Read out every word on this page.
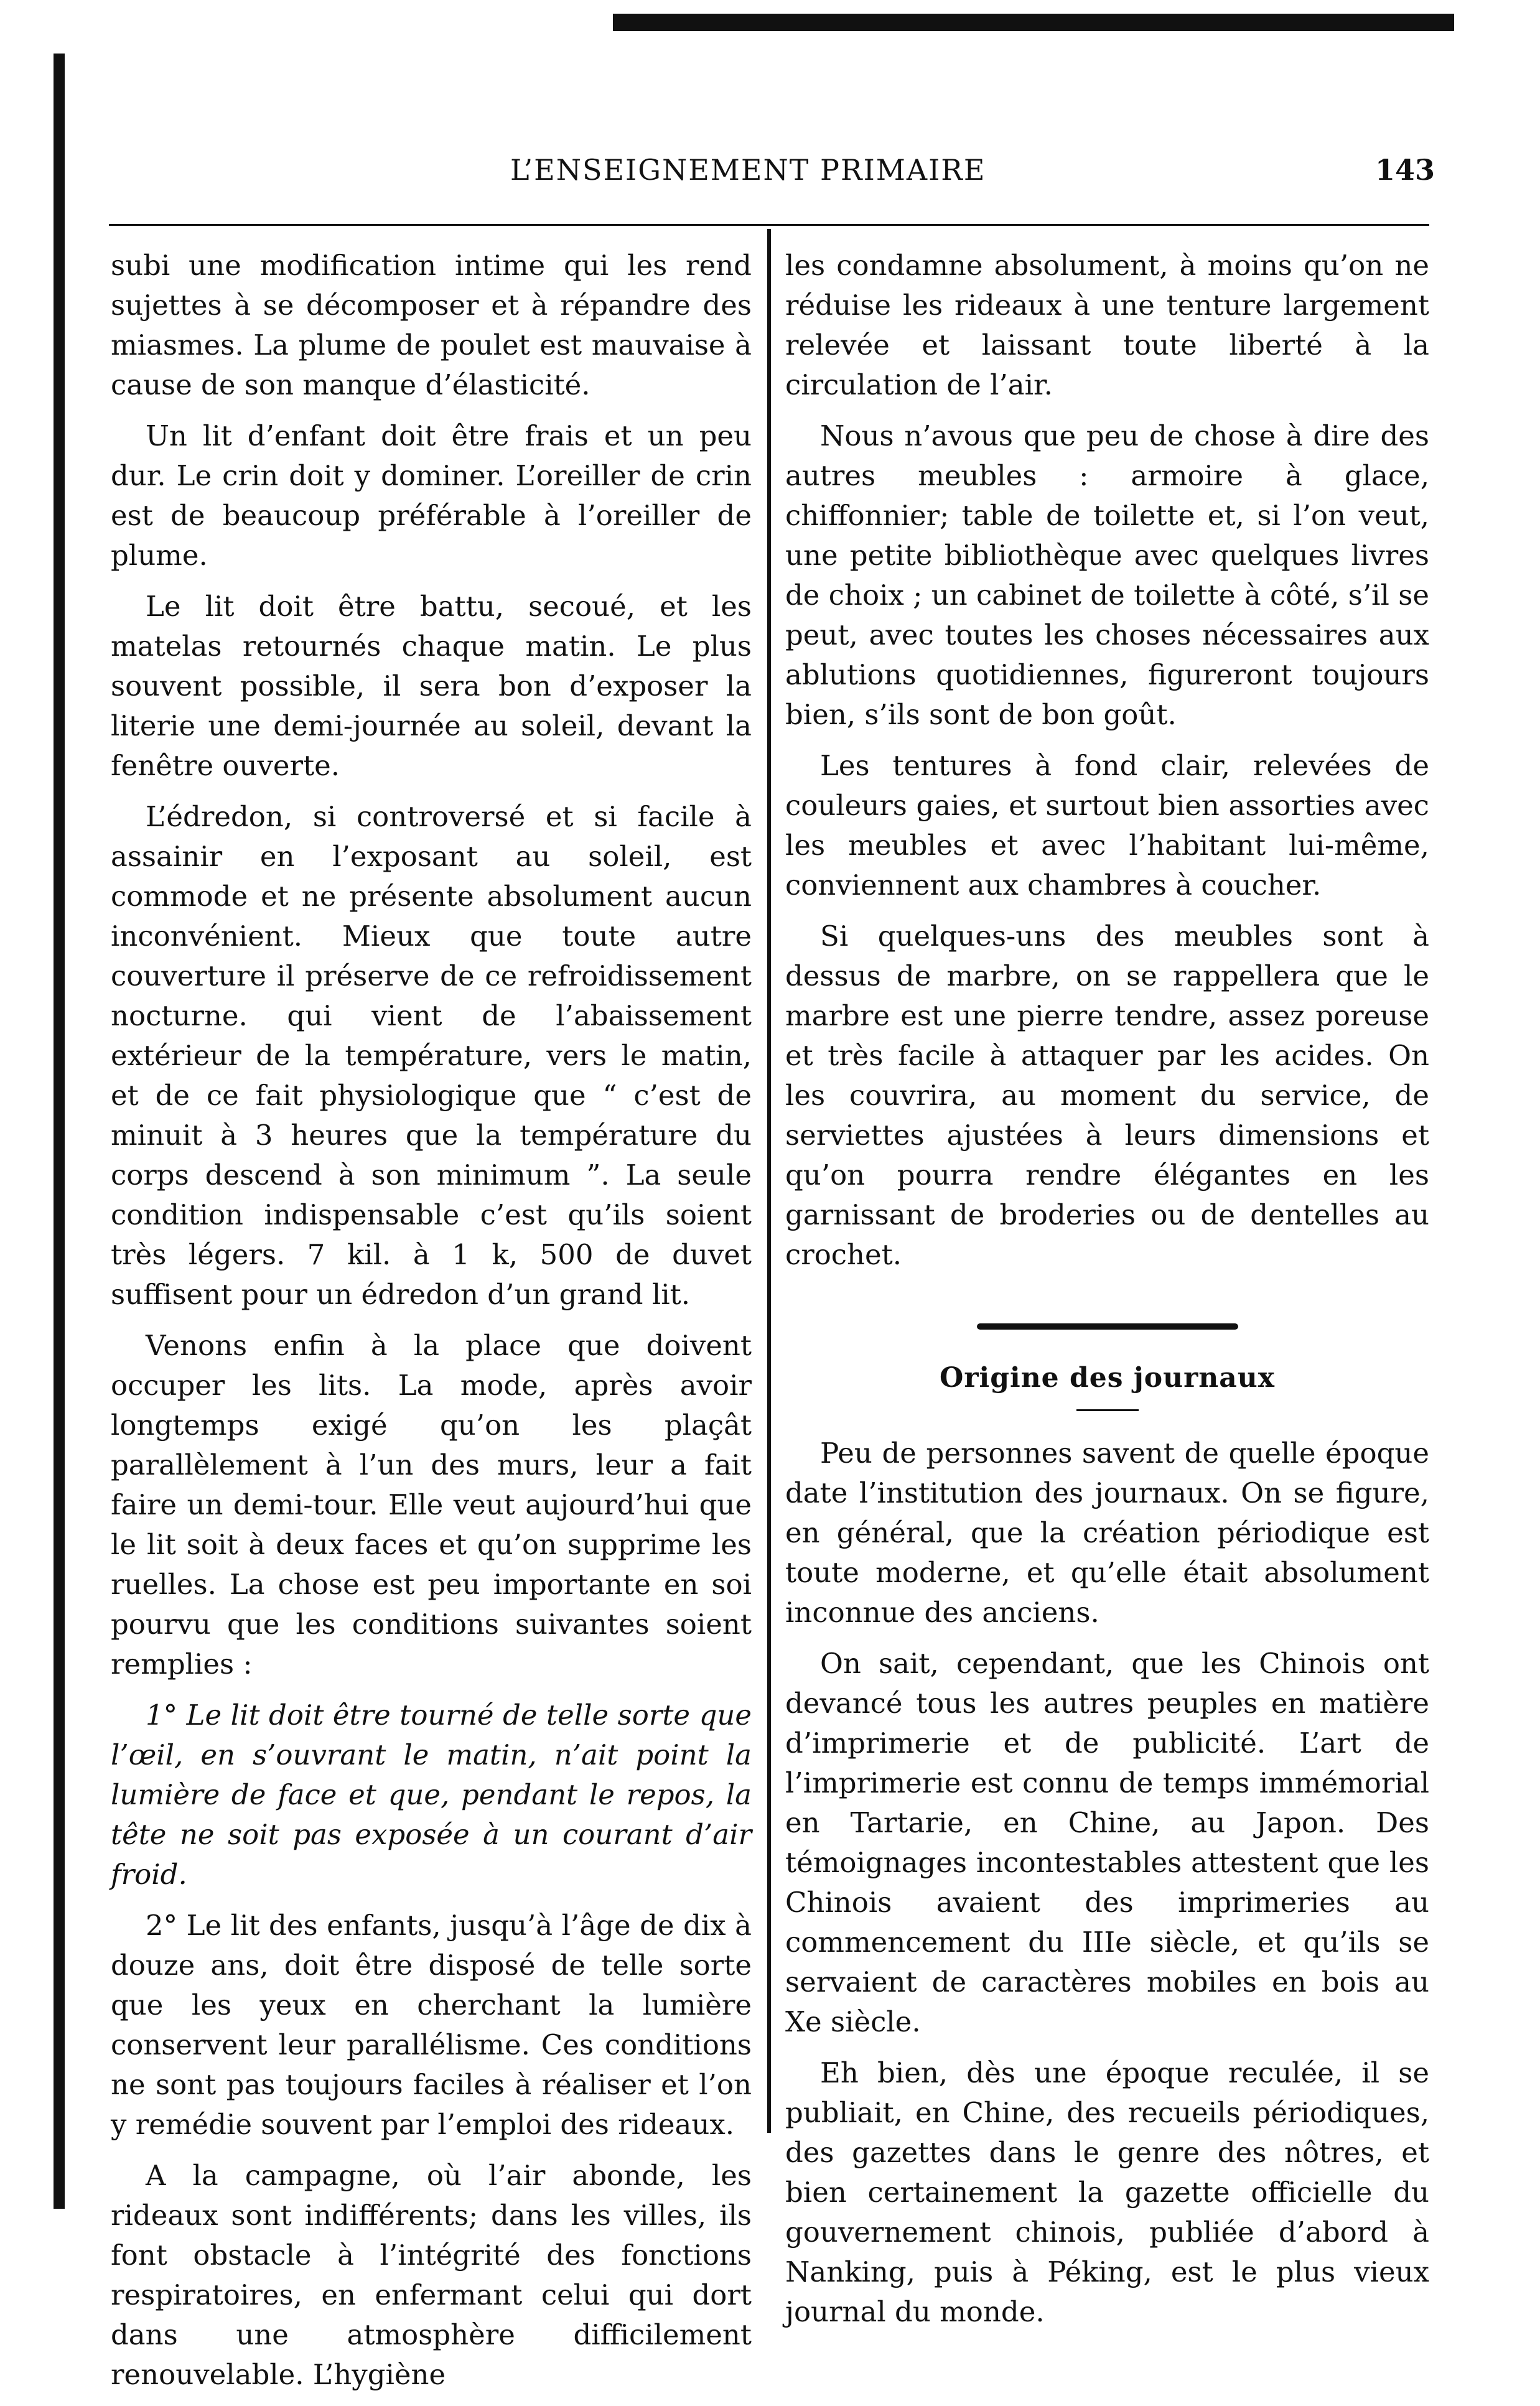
L’ENSEIGNEMENT PRIMAIRE	143

subi une modification intime qui les rend sujettes à se décomposer et à répandre des miasmes. La plume de poulet est mauvaise à cause de son manque d’élasticité.

Un lit d’enfant doit être frais et un peu dur. Le crin doit y dominer. L’oreiller de crin est de beaucoup préférable à l’oreiller de plume.

Le lit doit être battu, secoué, et les matelas retournés chaque matin. Le plus souvent possible, il sera bon d’exposer la literie une demi-journée au soleil, devant la fenêtre ouverte.

L’édredon, si controversé et si facile à assainir en l’exposant au soleil, est commode et ne présente absolument aucun inconvénient. Mieux que toute autre couverture il préserve de ce refroidissement nocturne. qui vient de l’abaissement extérieur de la température, vers le matin, et de ce fait physiologique que “ c’est de minuit à 3 heures que la température du corps descend à son minimum ”. La seule condition indispensable c’est qu’ils soient très légers. 7 kil. à 1 k, 500 de duvet suffisent pour un édredon d’un grand lit.

Venons enfin à la place que doivent occuper les lits. La mode, après avoir longtemps exigé qu’on les plaçât parallèlement à l’un des murs, leur a fait faire un demi-tour. Elle veut aujourd’hui que le lit soit à deux faces et qu’on supprime les ruelles. La chose est peu importante en soi pourvu que les conditions suivantes soient remplies :

1° Le lit doit être tourné de telle sorte que l’œil, en s’ouvrant le matin, n’ait point la lumière de face et que, pendant le repos, la tête ne soit pas exposée à un courant d’air froid.

2° Le lit des enfants, jusqu’à l’âge de dix à douze ans, doit être disposé de telle sorte que les yeux en cherchant la lumière conservent leur parallélisme. Ces conditions ne sont pas toujours faciles à réaliser et l’on y remédie souvent par l’emploi des rideaux.

A la campagne, où l’air abonde, les rideaux sont indifférents; dans les villes, ils font obstacle à l’intégrité des fonctions respiratoires, en enfermant celui qui dort dans une atmosphère difficilement renouvelable. L’hygiène

les condamne absolument, à moins qu’on ne réduise les rideaux à une tenture largement relevée et laissant toute liberté à la circulation de l’air.

Nous n’avous que peu de chose à dire des autres meubles : armoire à glace, chiffonnier; table de toilette et, si l’on veut, une petite bibliothèque avec quelques livres de choix ; un cabinet de toilette à côté, s’il se peut, avec toutes les choses nécessaires aux ablutions quotidiennes, figureront toujours bien, s’ils sont de bon goût.

Les tentures à fond clair, relevées de couleurs gaies, et surtout bien assorties avec les meubles et avec l’habitant lui-même, conviennent aux chambres à coucher.

Si quelques-uns des meubles sont à dessus de marbre, on se rappellera que le marbre est une pierre tendre, assez poreuse et très facile à attaquer par les acides. On les couvrira, au moment du service, de serviettes ajustées à leurs dimensions et qu’on pourra rendre élégantes en les garnissant de broderies ou de dentelles au crochet.

Origine des journaux

Peu de personnes savent de quelle époque date l’institution des journaux. On se figure, en général, que la création périodique est toute moderne, et qu’elle était absolument inconnue des anciens.

On sait, cependant, que les Chinois ont devancé tous les autres peuples en matière d’imprimerie et de publicité. L’art de l’imprimerie est connu de temps immémorial en Tartarie, en Chine, au Japon. Des témoignages incontestables attestent que les Chinois avaient des imprimeries au commencement du IIIe siècle, et qu’ils se servaient de caractères mobiles en bois au Xe siècle.

Eh bien, dès une époque reculée, il se publiait, en Chine, des recueils périodiques, des gazettes dans le genre des nôtres, et bien certainement la gazette officielle du gouvernement chinois, publiée d’abord à Nanking, puis à Péking, est le plus vieux journal du monde.
